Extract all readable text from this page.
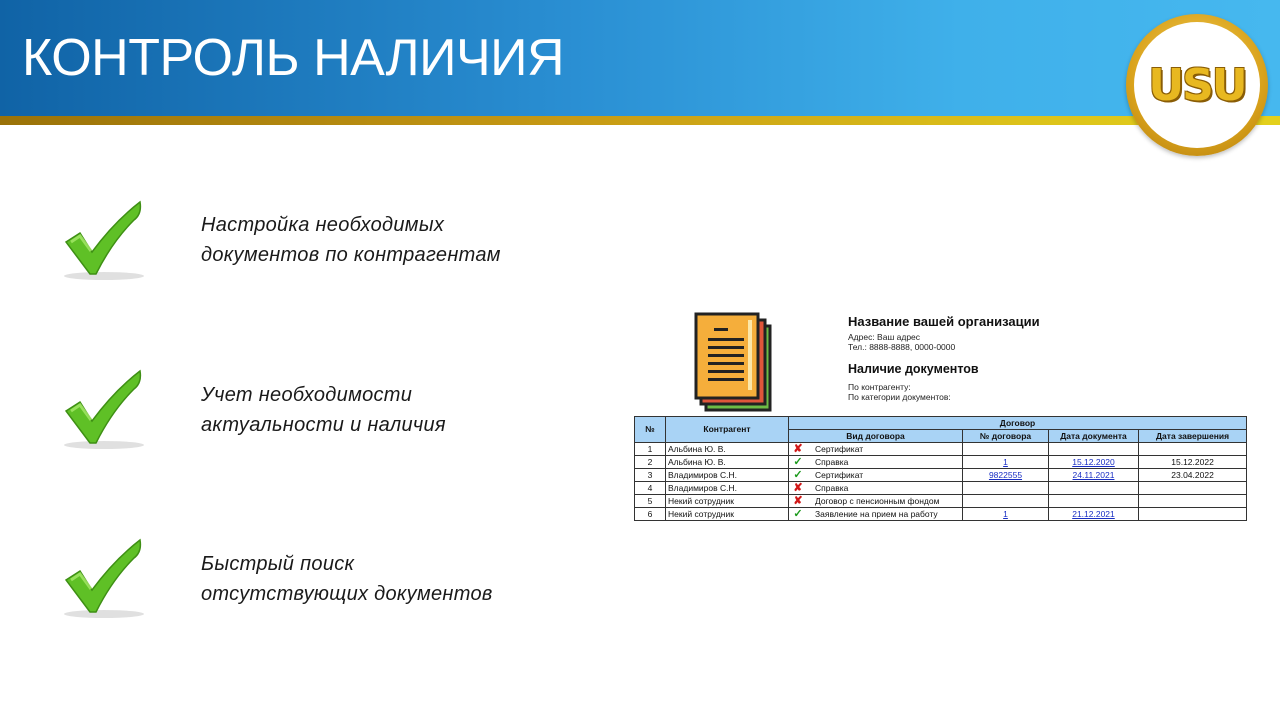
КОНТРОЛЬ НАЛИЧИЯ	USU
Настройка необходимых
документов по контрагентам
Учет необходимости
актуальности и наличия
Быстрый поиск
отсутствующих документов
Название вашей организации
Адрес: Ваш адрес
Тел.: 8888-8888, 0000-0000
Наличие документов
По контрагенту:
По категории документов:
№	Контрагент	Договор			
		Вид договора	№ договора	Дата документа	Дата завершения
1	Альбина Ю. В.	✘ Сертификат			
2	Альбина Ю. В.	✓ Справка	1	15.12.2020	15.12.2022
3	Владимиров С.Н.	✓ Сертификат	9822555	24.11.2021	23.04.2022
4	Владимиров С.Н.	✘ Справка			
5	Некий сотрудник	✘ Договор с пенсионным фондом			
6	Некий сотрудник	✓ Заявление на прием на работу	1	21.12.2021	
